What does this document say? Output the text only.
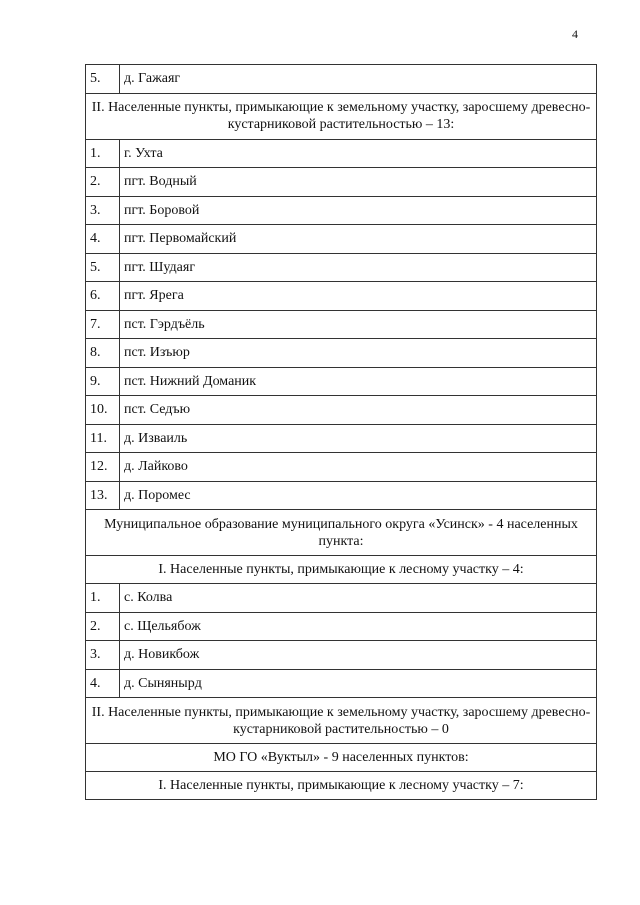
4
5.	д. Гажаяг
II. Населенные пункты, примыкающие к земельному участку, заросшему древесно-кустарниковой растительностью – 13:	
1.	г. Ухта
2.	пгт. Водный
3.	пгт. Боровой
4.	пгт. Первомайский
5.	пгт. Шудаяг
6.	пгт. Ярега
7.	пст. Гэрдъёль
8.	пст. Изъюр
9.	пст. Нижний Доманик
10.	пст. Седъю
11.	д. Изваиль
12.	д. Лайково
13.	д. Поромес
Муниципальное образование муниципального округа «Усинск» - 4 населенных пункта:	
I. Населенные пункты, примыкающие к лесному участку – 4:	
1.	с. Колва
2.	с. Щельябож
3.	д. Новикбож
4.	д. Сыняныpд
II. Населенные пункты, примыкающие к земельному участку, заросшему древесно-кустарниковой растительностью – 0	
МО ГО «Вуктыл» - 9 населенных пунктов:	
I. Населенные пункты, примыкающие к лесному участку – 7:	
